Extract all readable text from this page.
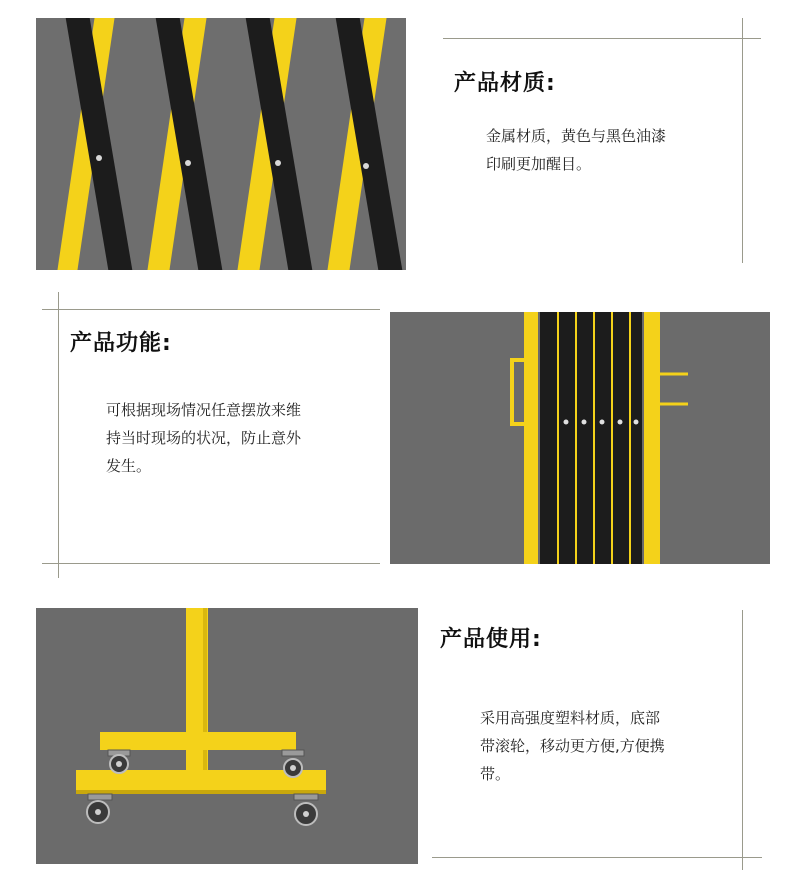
产品材质:
金属材质，黄色与黑色油漆
印刷更加醒目。
产品功能:
可根据现场情况任意摆放来维
持当时现场的状况，防止意外
发生。
产品使用:
采用高强度塑料材质，底部
带滚轮，移动更方便,方便携
带。
